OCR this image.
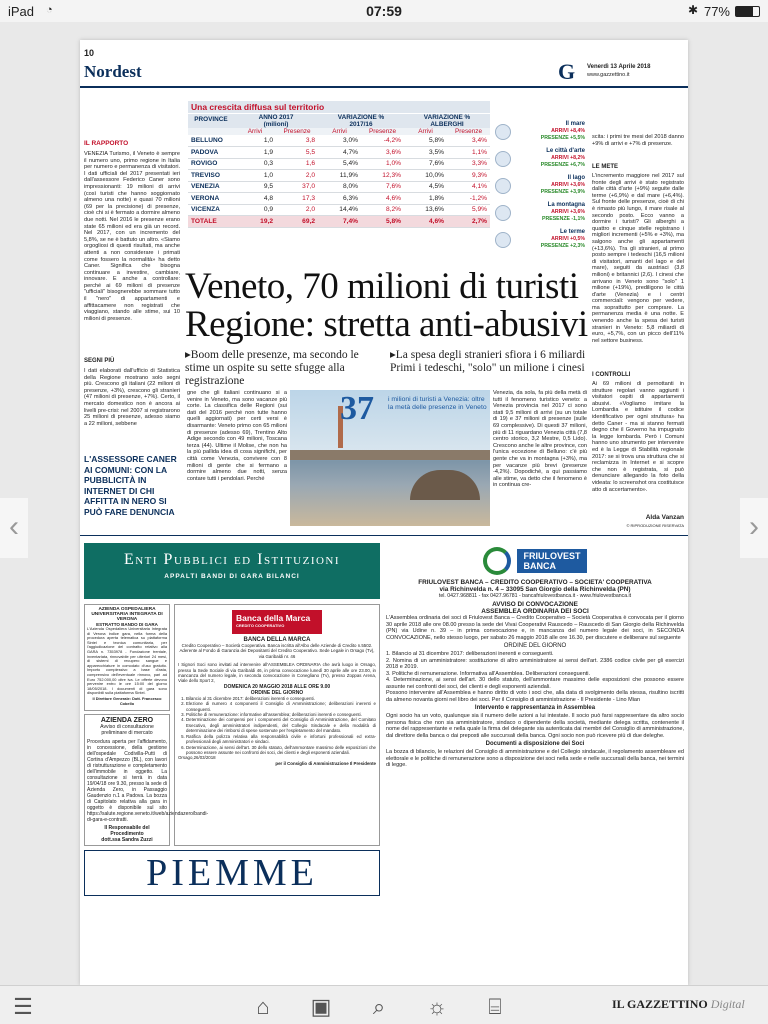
iPad ◔	07:59	✱ 77%
10
Nordest	G Venerdì 13 Aprile 2018
www.gazzettino.it
IL RAPPORTO
VENEZIA Turismo, il Veneto è sempre il numero uno, primo regione in Italia per numero e permanenza di visitatori. I dati ufficiali del 2017 presentati ieri dall'assessore Federico Caner sono impressionanti: 19 milioni di arrivi (così turisti che hanno soggiornato almeno una notte) e quasi 70 milioni (69 per la precisione) di presenze, cioè chi si è fermato a dormire almeno due notti. Nel 2016 le presenze erano state 65 milioni ed era già un record. Nel 2017, con un incremento del 5,8%, se ne è battuto un altro. «Siamo orgogliosi di questi risultati, ma anche attenti a non considerare i primati come fossero la normalità» ha detto Caner. Significa che bisogna continuare a investire, cambiare, innovare. E anche a controllare: perché ai 69 milioni di presenze "ufficiali" bisognerebbe sommare tutto il "nero" di appartamenti e affittacamere non registrati che viaggiano, stando alle stime, sui 10 milioni di presenze.
SEGNI PIÙ
I dati elaborati dall'ufficio di Statistica della Regione mostrano solo segni più. Crescono gli italiani (22 milioni di presenze, +3%), crescono gli stranieri (47 milioni di presenze, +7%). Certo, il mercato domestico non è ancora ai livelli pre-crisi: nel 2007 si registrarono 25 milioni di presenze, adesso siamo a 22 milioni, sebbene
L'ASSESSORE CANER AI COMUNI: CON LA PUBBLICITÀ IN INTERNET DI CHI AFFITTA IN NERO SI PUÒ FARE DENUNCIA
Una crescita diffusa sul territorio
PROVINCE	ANNO 2017
(milioni)
VARIAZIONE %
2017/16
VARIAZIONE %
ALBERGHI
Arrivi	Presenze	Arrivi	Presenze	Arrivi	Presenze
BELLUNO	1,0	3,8	3,0%	-4,2%	5,8%	3,4%
PADOVA	1,9	5,5	4,7%	3,6%	3,5%	1,1%
ROVIGO	0,3	1,6	5,4%	1,0%	7,6%	3,3%
TREVISO	1,0	2,0	11,9%	12,3%	10,0%	9,3%
VENEZIA	9,5	37,0	8,0%	7,6%	4,5%	4,1%
VERONA	4,8	17,3	6,3%	4,6%	1,8%	-1,2%
VICENZA	0,9	2,0	14,4%	8,2%	13,6%	5,9%
TOTALE	19,2	69,2	7,4%	5,8%	4,6%	2,7%
Il mare
ARRIVI +8,4%
PRESENZE +5,5%
Le città d'arte
ARRIVI +8,2%
PRESENZE +6,7%
Il lago
ARRIVI +3,6%
PRESENZE +3,9%
La montagna
ARRIVI +3,6%
PRESENZE -1,1%
Le terme
ARRIVI +0,5%
PRESENZE +2,3%
scita: i primi tre mesi del 2018 danno +9% di arrivi e +7% di presenze.
LE METE
L'incremento maggiore nel 2017 sul fronte degli arrivi è stato registrato dalle città d'arte (+9%) seguite dalle terme (+6,9%) e dal mare (+6,4%). Sul fronte delle presenze, cioè di chi è rimasto più lungo, il mare risale al secondo posto. Ecco vanno a dormire i turisti? Gli alberghi a quattro e cinque stelle registrano i migliori incrementi (+5% e +3%), ma salgono anche gli appartamenti (+13,6%). Tra gli stranieri, al primo posto sempre i tedeschi (16,5 milioni di visitatori, amanti del lago e del mare), seguiti da austriaci (3,8 milioni) e britannici (2,6). I cinesi che arrivano in Veneto sono "solo" 1 milione (+19%), prediligono le città d'arte (Venezia) e i centri commerciali: vengono per vedere, ma soprattutto per comprare. La permanenza media è una notte. E venendo anche la spesa dei turisti stranieri in Veneto: 5,8 miliardi di euro, +5,7%, con un picco dell'11% nel settore business.
I CONTROLLI
Ai 69 milioni di pernottanti in strutture regolari vanno aggiunti i visitatori ospiti di appartamenti abusivi. «Vogliamo imitare la Lombardia e istituire il codice identificativo per ogni struttura» ha detto Caner - ma si stanno fermati degno che il Governo ha impugnato la legge lombarda. Però i Comuni hanno uno strumento per intervenire ed è la Legge di Stabilità regionale 2017: se si trova una struttura che si reclamizza in Internet e si scopre che non è registrata, si può denunciare allegando la foto della videata: lo screenshot ora costituisce atto di accertamento».
Alda Vanzan
© RIPRODUZIONE RISERVATA
Veneto, 70 milioni di turisti
Regione: stretta anti-abusivi
▸Boom delle presenze, ma secondo le stime un ospite su sette sfugge alla registrazione
▸La spesa degli stranieri sfiora i 6 miliardi Primi i tedeschi, "solo" un milione i cinesi
gne che gli italiani continuano si a venire in Veneto, ma sono vacanze più corte. La classifica delle Regioni (sui dati del 2016 perché non tutte hanno quelli aggiornati) per certi versi è disarmante: Veneto primo con 65 milioni di presenze (adesso 69), Trentino Alto Adige secondo con 49 milioni, Toscana terza (44). Ultime il Molise, che non ha la più pallida idea di cosa significhi, per città come Venezia, convivere con 8 milioni di gente che si fermano a dormire almeno due notti, senza contare tutti i pendolari. Perché
37 i milioni di turisti a Venezia: oltre la metà delle presenze in Veneto
Venezia, da sola, fa più della metà di tutti il fenomeno turistico veneto: a Venezia provincia nel 2017 ci sono stati 9,5 milioni di arrivi (su un totale di 19) e 37 milioni di presenze (sulle 69 complessive). Di questi 37 milioni, più di 11 riguardano Venezia città (7,8 centro storico, 3,2 Mestre, 0,5 Lido). Crescono anche le altre province, con l'unica eccezione di Belluno: c'è più gente che va in montagna (+3%), ma per vacanze più brevi (presenze -4,2%). Dopodiché, a qui passiamo alle stime, va detto che il fenomeno è in continua cre-
Enti Pubblici ed Istituzioni
APPALTI BANDI DI GARA BILANCI
AZIENDA OSPEDALIERA UNIVERSITARIA INTEGRATA DI VERONA
ESTRATTO BANDO DI GARA
L'Azienda Ospedaliera Universitaria Integrata di Verona indice gara, nella forma della procedura aperta telematica su piattaforma Sintel e tecnica comunitaria, per l'aggiudicazione del contratto relativo alla GARA n. 7353978 - Fondazione trentale, inventariata, rinnovabile per ulteriori 24 mesi, di sistemi di recupero sangue e apparecchiature in comodato d'uso gratuito. Importo complessivo a base d'asta, comprensivo dell'eventuale rinnovo, pari ad Euro 752.000,00 oltre iva. Le offerte devono pervenire entro le ore 15:00 del giorno 18/05/2018. I documenti di gara sono disponibili sulla piattaforma Sintel.
Il Direttore Generale: Dott. Francesco Cobello
AZIENDA ZERO
Avviso di consultazione preliminare di mercato
Procedura aperta per l'affidamento, in concessione, della gestione dell'ospedale Codivilla-Putti di Cortina d'Ampezzo (BL), con lavori di ristrutturazione e completamento dell'immobile in oggetto. La consultazione si terrà in data 19/04/18 ore 9.30, presso la sede di Azienda Zero, in Passaggio Gaudenzio n.1 a Padova. La bozza di Capitolato relativa alla gara in oggetto è disponibile sul sito https://salute.regione.veneto.it/web/aziendazero/bandi-di-gara-e-contratti.
Il Responsabile del Procedimento
dott.ssa Sandra Zuzzi
Banca della Marca
CREDITO COOPERATIVO
BANCA DELLA MARCA
Credito Cooperativo – Società Cooperativa. Banca iscritta all'Albo delle Aziende di Credito n.5502. Aderente al Fondo di Garanzia dei Depositanti del Credito Cooperativo. Sede Legale in Orsago (Tv), via Garibaldi nr. 46
I Signori Soci sono invitati ad intervenire all'ASSEMBLEA ORDINARIA che avrà luogo in Orsago, presso la Sede Sociale di via Garibaldi 46, in prima convocazione lunedì 30 aprile alle ore 23.00, in mancanza del numero legale, in seconda convocazione in Conegliano (Tv), presso Zoppas Arena, Viale dello Sport 2,
DOMENICA 20 MAGGIO 2018 ALLE ORE 9.00
ORDINE DEL GIORNO
1. Bilancio al 31 dicembre 2017: deliberazioni inerenti e conseguenti.
2. Elezione di numero 4 componenti il Consiglio di Amministrazione; deliberazioni inerenti e conseguenti.
3. Politiche di remunerazione: informative all'assemblea; deliberazioni inerenti e conseguenti.
4. Determinazione dei compensi per i componenti del Consiglio di Amministrazione, del Comitato Esecutivo, degli amministratori indipendenti, del Collegio Sindacale e della modalità di determinazione dei rimborsi di spese sostenute per l'espletamento del mandato.
5. Ratifica della polizza relativa alla responsabilità civile e infortuni professionali ed extra-professionali degli amministratori e sindaci.
6. Determinazione, ai sensi dell'art. 30 dello statuto, dell'ammontare massimo delle esposizioni che possono essere assunte nei confronti dei soci, dei clienti e degli esponenti aziendali.
Orsago,26/03/2018
per il Consiglio di Amministrazione Il Presidente
PIEMME
FRIULOVEST
BANCA
FRIULOVEST BANCA – CREDITO COOPERATIVO – SOCIETA' COOPERATIVA
via Richinvelda n. 4 – 33095 San Giorgio della Richinvelda (PN)
tel. 0427.968811 - fax 0427.96781 - bancafriulovestbanca.it - www.friulovestbanca.it
AVVISO DI CONVOCAZIONE
ASSEMBLEA ORDINARIA DEI SOCI
L'Assemblea ordinaria dei soci di Friulovest Banca – Credito Cooperativo – Società Cooperativa è convocata per il giorno 30 aprile 2018 alle ore 08.00 presso la sede dei Vivai Cooperativi Rauscedo – Rauscedo di San Giorgio della Richinvelda (PN) via Udine n. 39 – in prima convocazione e, in mancanza del numero legale dei soci, in SECONDA CONVOCAZIONE, nello stesso luogo, per sabato 26 maggio 2018 alle ore 16.30, per discutere e deliberare sul seguente
ORDINE DEL GIORNO
1. Bilancio al 31 dicembre 2017: deliberazioni inerenti e conseguenti.
2. Nomina di un amministratore: sostituzione di altro amministratore ai sensi dell'art. 2386 codice civile per gli esercizi 2018 e 2019.
3. Politiche di remunerazione. Informativa all'Assemblea. Deliberazioni conseguenti.
4. Determinazione, ai sensi dell'art. 30 dello statuto, dell'ammontare massimo delle esposizioni che possono essere assunte nei confronti dei soci, dei clienti e degli esponenti aziendali.
Possono intervenire all'Assemblea e hanno diritto di voto i soci che, alla data di svolgimento della stessa, risultino iscritti da almeno novanta giorni nel libro dei soci. Per il Consiglio di amministrazione - Il Presidente - Lino Mian
Intervento e rappresentanza in Assemblea
Ogni socio ha un voto, qualunque sia il numero delle azioni a lui intestate. Il socio può farsi rappresentare da altro socio persona fisica che non sia amministratore, sindaco o dipendente della società, mediante delega scritta, contenente il nome del rappresentante e nella quale la firma del delegante sia autenticata dai membri del Consiglio di amministrazione, dal direttore della banca o dai preposti alle succursali della banca. Ogni socio non può ricevere più di due deleghe.
Documenti a disposizione dei Soci
La bozza di bilancio, le relazioni del Consiglio di amministrazione e del Collegio sindacale, il regolamento assembleare ed elettorale e le politiche di remunerazione sono a disposizione dei soci nella sede e nelle succursali della banca, nei termini di legge.
‹	›
☰	⌂	▣	⌕	☼	⌸	IL GAZZETTINO Digital
